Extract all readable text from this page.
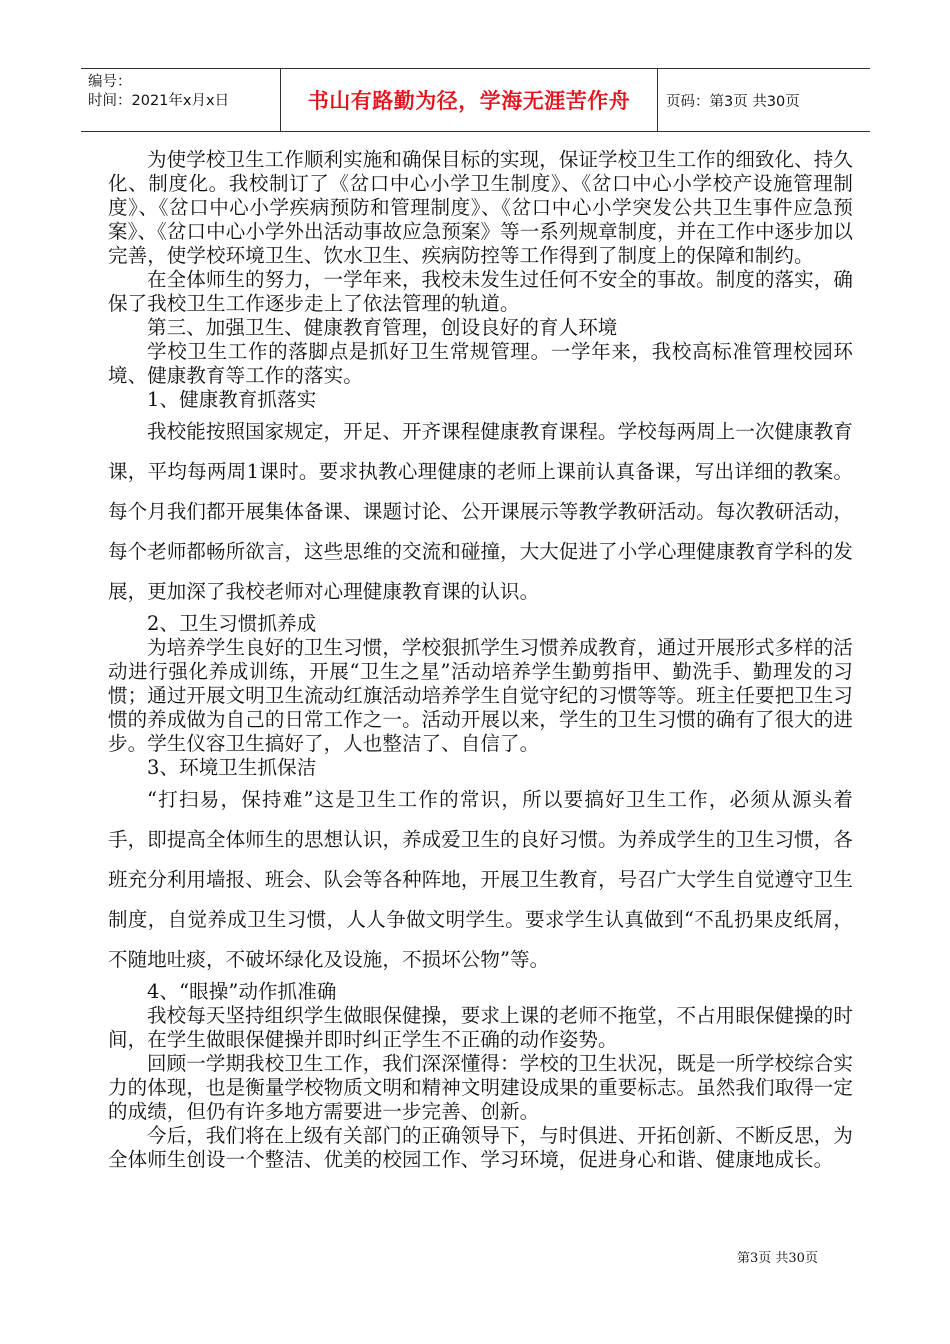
编号：
时间：2021年x月x日	书山有路勤为径，学海无涯苦作舟	页码：第3页 共30页

为使学校卫生工作顺利实施和确保目标的实现，保证学校卫生工作的细致化、持久化、制度化。我校制订了《岔口中心小学卫生制度》、《岔口中心小学校产设施管理制度》、《岔口中心小学疾病预防和管理制度》、《岔口中心小学突发公共卫生事件应急预案》、《岔口中心小学外出活动事故应急预案》等一系列规章制度，并在工作中逐步加以完善，使学校环境卫生、饮水卫生、疾病防控等工作得到了制度上的保障和制约。

在全体师生的努力，一学年来，我校未发生过任何不安全的事故。制度的落实，确保了我校卫生工作逐步走上了依法管理的轨道。

第三、加强卫生、健康教育管理，创设良好的育人环境

学校卫生工作的落脚点是抓好卫生常规管理。一学年来，我校高标准管理校园环境、健康教育等工作的落实。

1、健康教育抓落实

我校能按照国家规定，开足、开齐课程健康教育课程。学校每两周上一次健康教育课，平均每两周1课时。要求执教心理健康的老师上课前认真备课，写出详细的教案。每个月我们都开展集体备课、课题讨论、公开课展示等教学教研活动。每次教研活动，每个老师都畅所欲言，这些思维的交流和碰撞，大大促进了小学心理健康教育学科的发展，更加深了我校老师对心理健康教育课的认识。

2、卫生习惯抓养成

为培养学生良好的卫生习惯，学校狠抓学生习惯养成教育，通过开展形式多样的活动进行强化养成训练，开展“卫生之星”活动培养学生勤剪指甲、勤洗手、勤理发的习惯；通过开展文明卫生流动红旗活动培养学生自觉守纪的习惯等等。班主任要把卫生习惯的养成做为自己的日常工作之一。活动开展以来，学生的卫生习惯的确有了很大的进步。学生仪容卫生搞好了，人也整洁了、自信了。

3、环境卫生抓保洁

“打扫易，保持难”这是卫生工作的常识，所以要搞好卫生工作，必须从源头着手，即提高全体师生的思想认识，养成爱卫生的良好习惯。为养成学生的卫生习惯，各班充分利用墙报、班会、队会等各种阵地，开展卫生教育，号召广大学生自觉遵守卫生制度，自觉养成卫生习惯，人人争做文明学生。要求学生认真做到“不乱扔果皮纸屑，不随地吐痰，不破坏绿化及设施，不损坏公物”等。

4、“眼操”动作抓准确

我校每天坚持组织学生做眼保健操，要求上课的老师不拖堂，不占用眼保健操的时间，在学生做眼保健操并即时纠正学生不正确的动作姿势。

回顾一学期我校卫生工作，我们深深懂得：学校的卫生状况，既是一所学校综合实力的体现，也是衡量学校物质文明和精神文明建设成果的重要标志。虽然我们取得一定的成绩，但仍有许多地方需要进一步完善、创新。

今后，我们将在上级有关部门的正确领导下，与时俱进、开拓创新、不断反思，为全体师生创设一个整洁、优美的校园工作、学习环境，促进身心和谐、健康地成长。

第3页 共30页
